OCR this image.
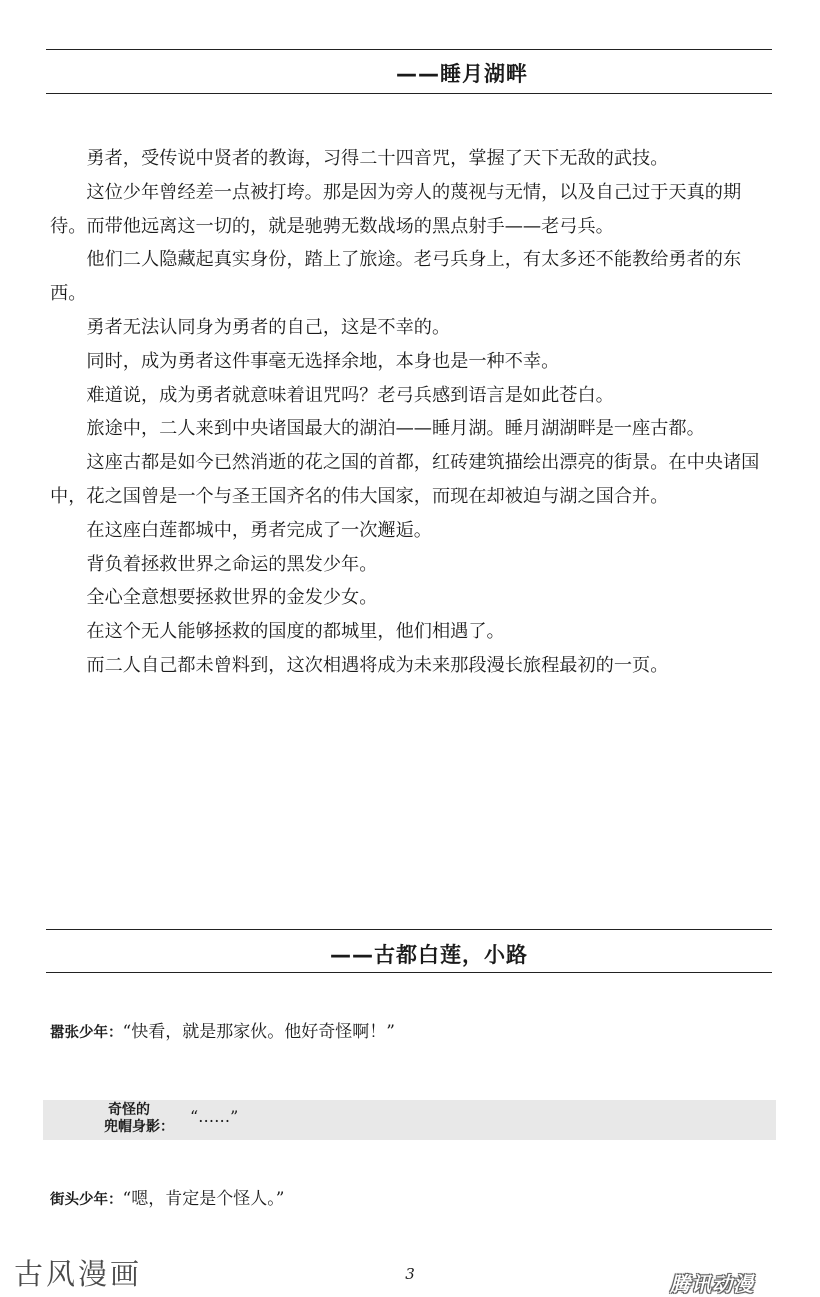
——睡月湖畔

勇者，受传说中贤者的教诲，习得二十四音咒，掌握了天下无敌的武技。

这位少年曾经差一点被打垮。那是因为旁人的蔑视与无情，以及自己过于天真的期待。而带他远离这一切的，就是驰骋无数战场的黑点射手——老弓兵。

他们二人隐藏起真实身份，踏上了旅途。老弓兵身上，有太多还不能教给勇者的东西。

勇者无法认同身为勇者的自己，这是不幸的。

同时，成为勇者这件事毫无选择余地，本身也是一种不幸。

难道说，成为勇者就意味着诅咒吗？老弓兵感到语言是如此苍白。

旅途中，二人来到中央诸国最大的湖泊——睡月湖。睡月湖湖畔是一座古都。

这座古都是如今已然消逝的花之国的首都，红砖建筑描绘出漂亮的街景。在中央诸国中，花之国曾是一个与圣王国齐名的伟大国家，而现在却被迫与湖之国合并。

在这座白莲都城中，勇者完成了一次邂逅。

背负着拯救世界之命运的黑发少年。

全心全意想要拯救世界的金发少女。

在这个无人能够拯救的国度的都城里，他们相遇了。

而二人自己都未曾料到，这次相遇将成为未来那段漫长旅程最初的一页。

——古都白莲，小路
嚣张少年：“快看，就是那家伙。他好奇怪啊！”
奇怪的
兜帽身影：
“……”
街头少年：“嗯，肯定是个怪人。”
古风漫画	3	腾讯动漫
